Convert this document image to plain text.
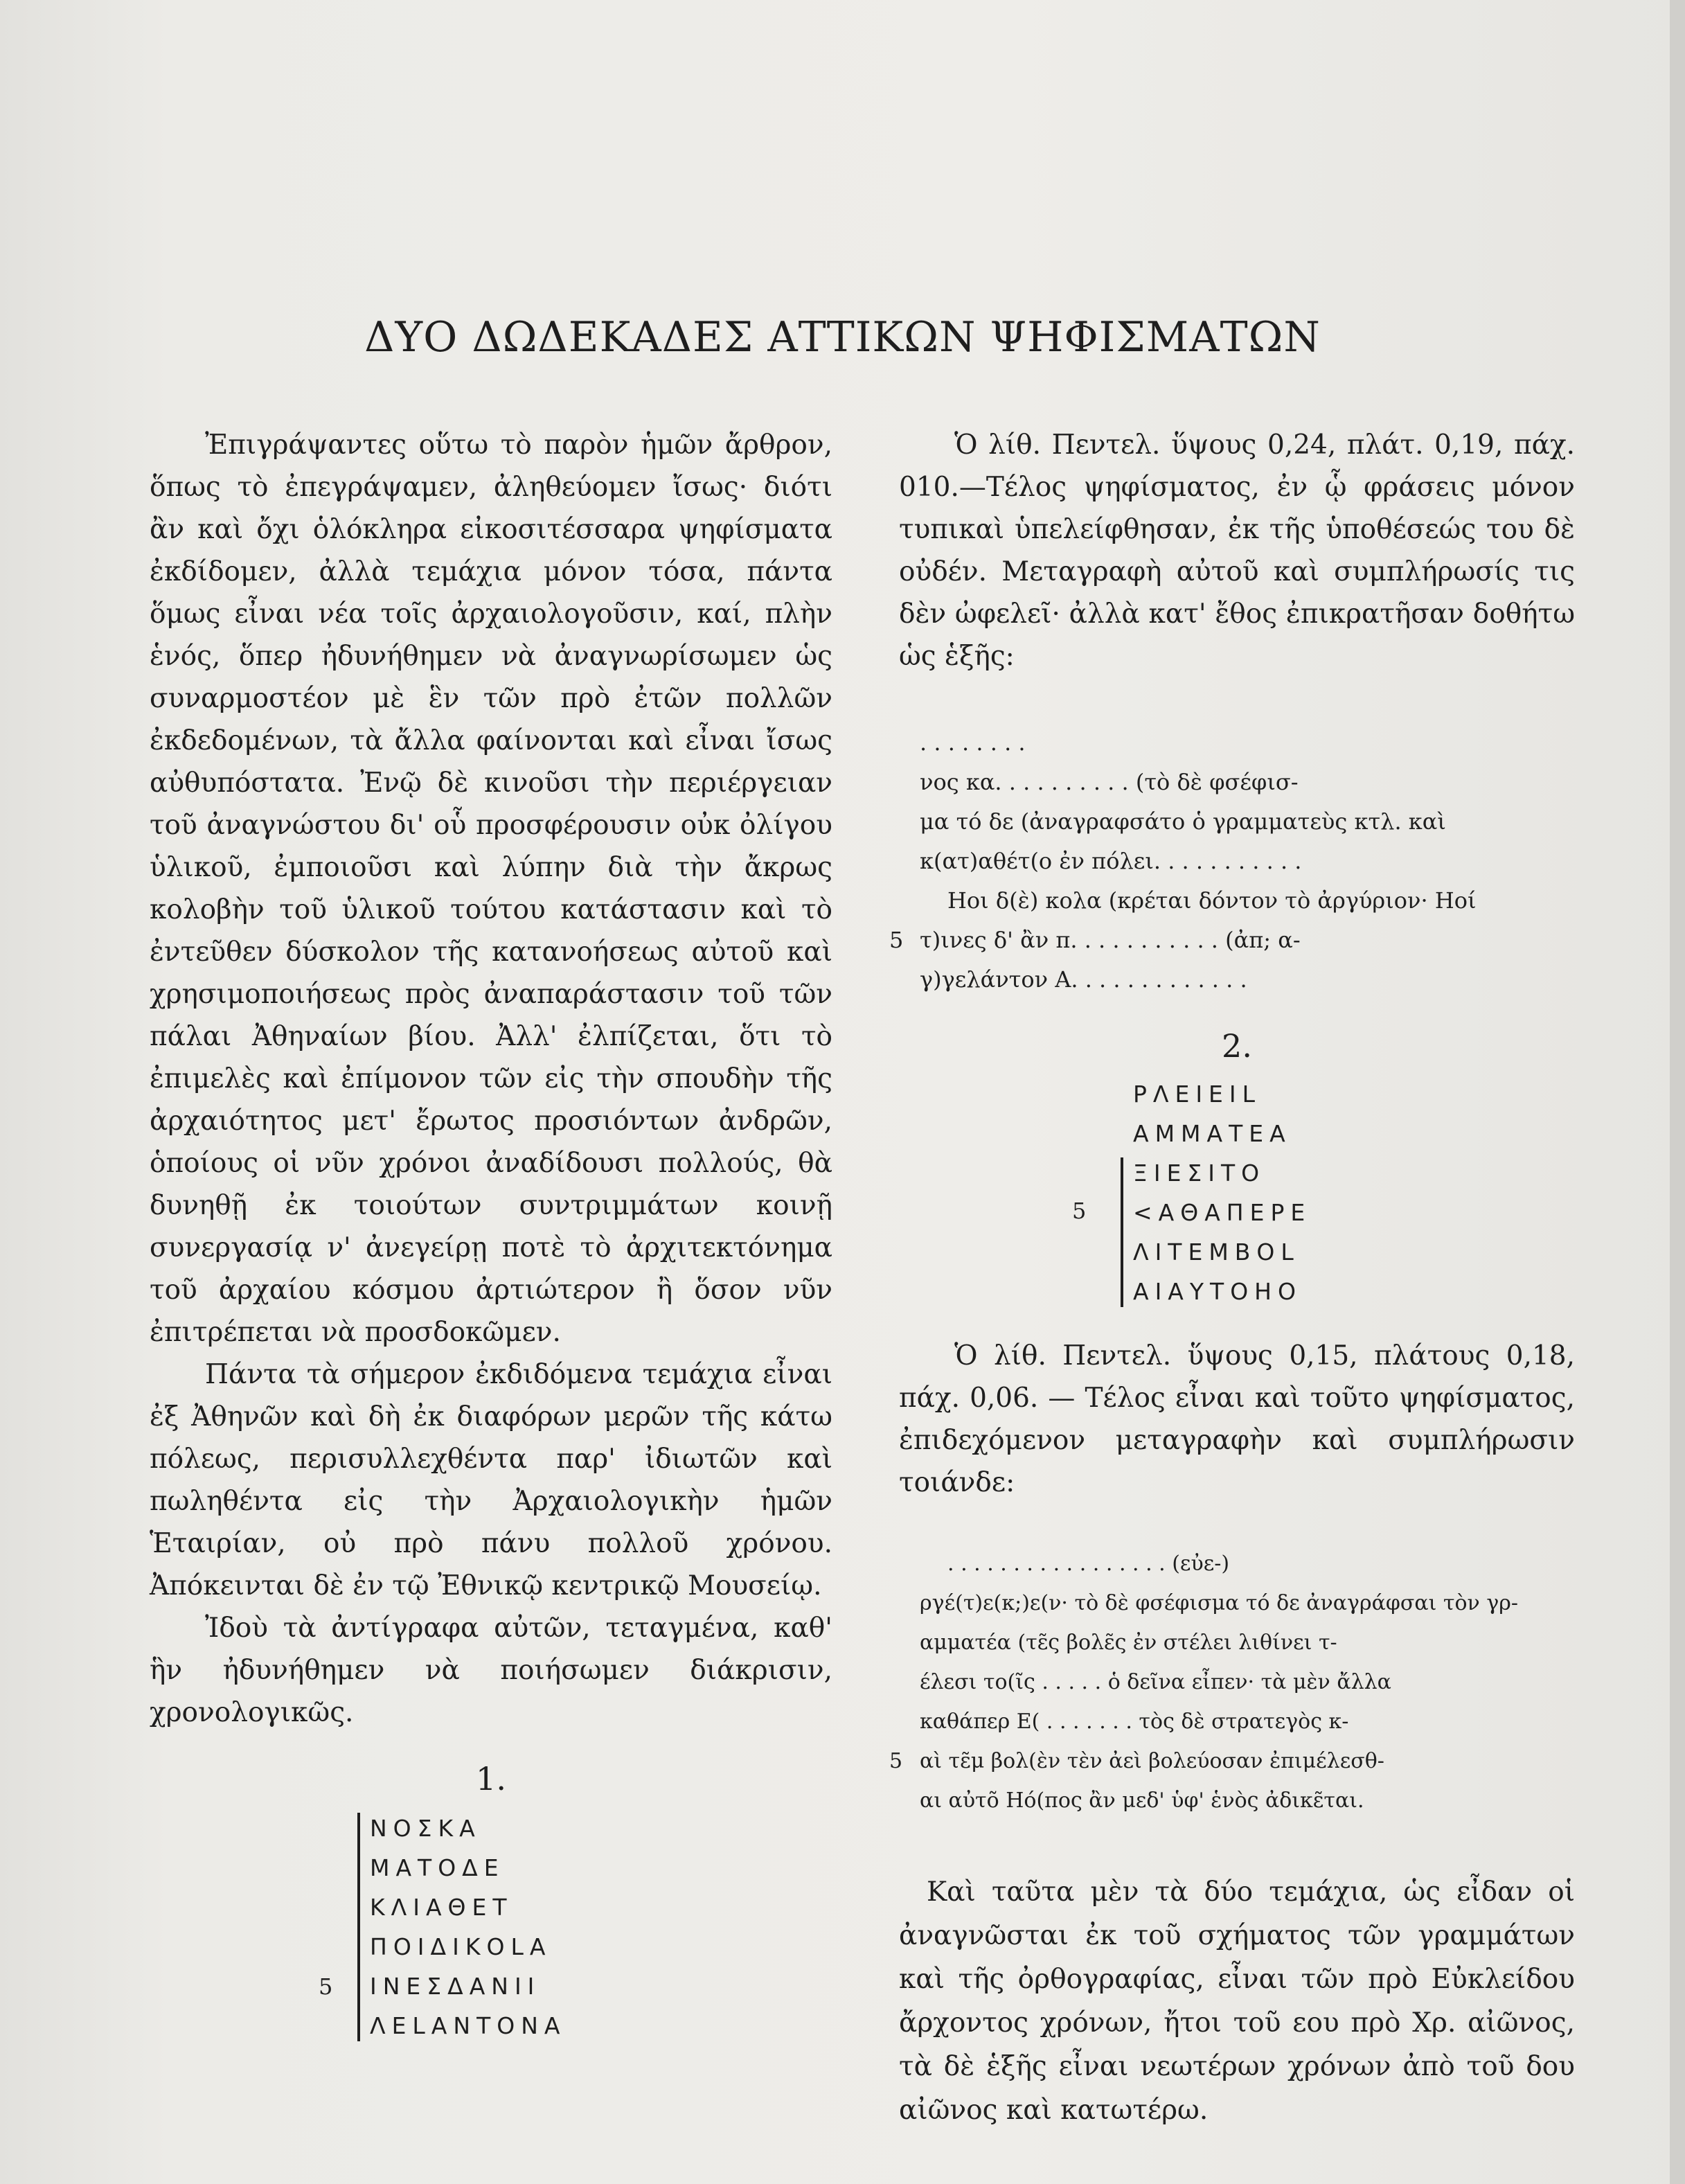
ΔΥΟ ΔΩΔΕΚΑΔΕΣ ΑΤΤΙΚΩΝ ΨΗΦΙΣΜΑΤΩΝ

Ἐπιγράψαντες οὕτω τὸ παρὸν ἡμῶν ἄρθρον, ὅπως τὸ ἐπεγράψαμεν, ἀληθεύομεν ἴσως· διότι ἂν καὶ ὄχι ὁλόκληρα εἰκοσιτέσσαρα ψηφίσματα ἐκδίδομεν, ἀλλὰ τεμάχια μόνον τόσα, πάντα ὅμως εἶναι νέα τοῖς ἀρχαιολογοῦσιν, καί, πλὴν ἑνός, ὅπερ ἠδυνήθημεν νὰ ἀναγνωρίσωμεν ὡς συναρμοστέον μὲ ἓν τῶν πρὸ ἐτῶν πολλῶν ἐκδεδομένων, τὰ ἄλλα φαίνονται καὶ εἶναι ἴσως αὐθυπόστατα. Ἐνῷ δὲ κινοῦσι τὴν περιέργειαν τοῦ ἀναγνώστου δι' οὗ προσφέρουσιν οὐκ ὀλίγου ὑλικοῦ, ἐμποιοῦσι καὶ λύπην διὰ τὴν ἄκρως κολοβὴν τοῦ ὑλικοῦ τούτου κατάστασιν καὶ τὸ ἐντεῦθεν δύσκολον τῆς κατανοήσεως αὐτοῦ καὶ χρησιμοποιήσεως πρὸς ἀναπαράστασιν τοῦ τῶν πάλαι Ἀθηναίων βίου. Ἀλλ' ἐλπίζεται, ὅτι τὸ ἐπιμελὲς καὶ ἐπίμονον τῶν εἰς τὴν σπουδὴν τῆς ἀρχαιότητος μετ' ἔρωτος προσιόντων ἀνδρῶν, ὁποίους οἱ νῦν χρόνοι ἀναδίδουσι πολλούς, θὰ δυνηθῇ ἐκ τοιούτων συντριμμάτων κοινῇ συνεργασίᾳ ν' ἀνεγείρῃ ποτὲ τὸ ἀρχιτεκτόνημα τοῦ ἀρχαίου κόσμου ἀρτιώτερον ἢ ὅσον νῦν ἐπιτρέπεται νὰ προσδοκῶμεν.

Πάντα τὰ σήμερον ἐκδιδόμενα τεμάχια εἶναι ἐξ Ἀθηνῶν καὶ δὴ ἐκ διαφόρων μερῶν τῆς κάτω πόλεως, περισυλλεχθέντα παρ' ἰδιωτῶν καὶ πωληθέντα εἰς τὴν Ἀρχαιολογικὴν ἡμῶν Ἑταιρίαν, οὐ πρὸ πάνυ πολλοῦ χρόνου. Ἀπόκεινται δὲ ἐν τῷ Ἐθνικῷ κεντρικῷ Μουσείῳ.

Ἰδοὺ τὰ ἀντίγραφα αὐτῶν, τεταγμένα, καθ' ἣν ἠδυνήθημεν νὰ ποιήσωμεν διάκρισιν, χρονολογικῶς.

1.

5
ΝΟΣΚΑ
ΜΑΤΟΔΕ
ΚΛΙΑΘΕΤ
ΠΟΙΔΙΚΟLΑ
ΙΝΕΣΔΑΝΙΙ
ΛΕLΑΝΤΟΝΑ

Ὁ λίθ. Πεντελ. ὕψους 0,24, πλάτ. 0,19, πάχ. 010.—Τέλος ψηφίσματος, ἐν ᾧ φράσεις μόνον τυπικαὶ ὑπελείφθησαν, ἐκ τῆς ὑποθέσεώς του δὲ οὐδέν. Μεταγραφὴ αὐτοῦ καὶ συμπλήρωσίς τις δὲν ὠφελεῖ· ἀλλὰ κατ' ἔθος ἐπικρατῆσαν δοθήτω ὡς ἑξῆς:

. . . . . . . .
νος κα. . . . . . . . . . (τὸ δὲ φσέφισ-
μα τό δε (ἀναγραφσάτο ὁ γραμματεὺς κτλ. καὶ
κ(ατ)αθέτ(ο ἐν πόλει. . . . . . . . . . .
Ηοι δ(ὲ) κολα (κρέται δόντον τὸ ἀργύριον· Ηοί
5 τ)ινες δ' ἂν π. . . . . . . . . . . (ἀπ; α-
γ)γελάντον Α. . . . . . . . . . . . .

2.

5
ΡΛΕΙΕΙL
ΑΜΜΑΤΕΑ
ΞΙΕΣΙΤΟ
<ΑΘΑΠΕΡΕ
ΛΙΤΕΜΒΟL
ΑΙΑΥΤΟΗΟ

Ὁ λίθ. Πεντελ. ὕψους 0,15, πλάτους 0,18, πάχ. 0,06. — Τέλος εἶναι καὶ τοῦτο ψηφίσματος, ἐπιδεχόμενον μεταγραφὴν καὶ συμπλήρωσιν τοιάνδε:

. . . . . . . . . . . . . . . . . (εὐε-)
ργέ(τ)ε(κ;)ε(ν· τὸ δὲ φσέφισμα τό δε ἀναγράφσαι τὸν γρ-
αμματέα (τε̃ς βολε̃ς ἐν στέλει λιθίνει τ-
έλεσι το(ῖς . . . . . ὁ δεῖνα εἶπεν· τὰ μὲν ἄλλα
καθάπερ Ε( . . . . . . . τὸς δὲ στρατεγὸς κ-
5 αὶ τε̃μ βολ(ὲν τὲν ἀεὶ βολεύοσαν ἐπιμέλεσθ-
αι αὐτõ Ηό(πος ἂν μεδ' ὑφ' ἑνὸς ἀδικε̃ται.

Καὶ ταῦτα μὲν τὰ δύο τεμάχια, ὡς εἶδαν οἱ ἀναγνῶσται ἐκ τοῦ σχήματος τῶν γραμμάτων καὶ τῆς ὀρθογραφίας, εἶναι τῶν πρὸ Εὐκλείδου ἄρχοντος χρόνων, ἤτοι τοῦ εου πρὸ Χρ. αἰῶνος, τὰ δὲ ἑξῆς εἶναι νεωτέρων χρόνων ἀπὸ τοῦ δου αἰῶνος καὶ κατωτέρω.
